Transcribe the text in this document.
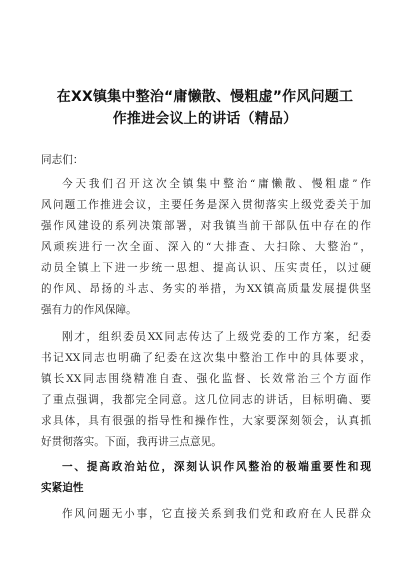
在XX镇集中整治“庸懒散、慢粗虚”作风问题工
作推进会议上的讲话（精品）
同志们：
今天我们召开这次全镇集中整治“庸懒散、慢粗虚”作
风问题工作推进会议，主要任务是深入贯彻落实上级党委关于加
强作风建设的系列决策部署，对我镇当前干部队伍中存在的作
风顽疾进行一次全面、深入的“大排查、大扫除、大整治”，
动员全镇上下进一步统一思想、提高认识、压实责任，以过硬
的作风、昂扬的斗志、务实的举措，为XX镇高质量发展提供坚
强有力的作风保障。
刚才，组织委员XX同志传达了上级党委的工作方案，纪委
书记XX同志也明确了纪委在这次集中整治工作中的具体要求，
镇长XX同志围绕精准自查、强化监督、长效常治三个方面作
了重点强调，我都完全同意。这几位同志的讲话，目标明确、要
求具体，具有很强的指导性和操作性，大家要深刻领会，认真抓
好贯彻落实。下面，我再讲三点意见。
一、提高政治站位，深刻认识作风整治的极端重要性和现
实紧迫性
作风问题无小事，它直接关系到我们党和政府在人民群众
